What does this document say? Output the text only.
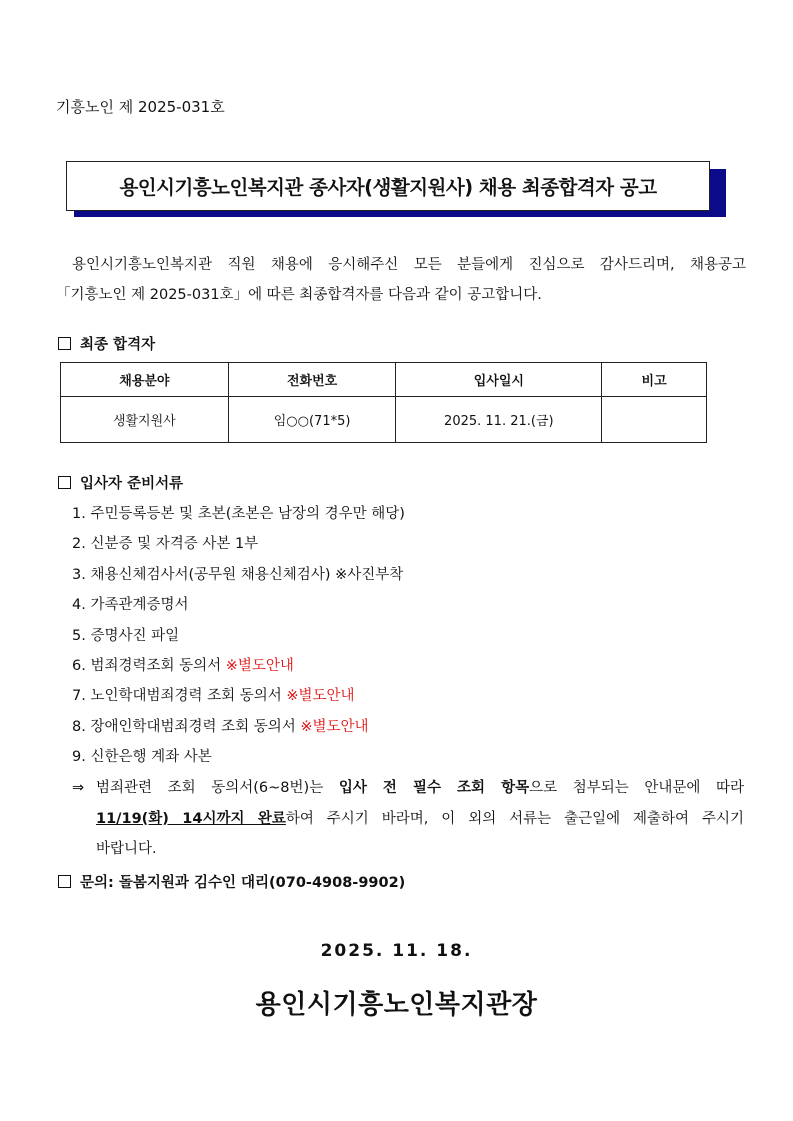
기흥노인 제 2025-031호
용인시기흥노인복지관 종사자(생활지원사) 채용 최종합격자 공고
용인시기흥노인복지관 직원 채용에 응시해주신 모든 분들에게 진심으로 감사드리며, 채용공고
「기흥노인 제 2025-031호」에 따른 최종합격자를 다음과 같이 공고합니다.
최종 합격자
채용분야	전화번호	입사일시	비고
생활지원사	임○○(71*5)	2025. 11. 21.(금)	
입사자 준비서류
1. 주민등록등본 및 초본(초본은 남장의 경우만 해당)
2. 신분증 및 자격증 사본 1부
3. 채용신체검사서(공무원 채용신체검사) ※사진부착
4. 가족관계증명서
5. 증명사진 파일
6. 범죄경력조회 동의서 ※별도안내
7. 노인학대범죄경력 조회 동의서 ※별도안내
8. 장애인학대범죄경력 조회 동의서 ※별도안내
9. 신한은행 계좌 사본
⇒ 범죄관련 조회 동의서(6~8번)는 입사 전 필수 조회 항목으로 첨부되는 안내문에 따라
11/19(화) 14시까지 완료하여 주시기 바라며, 이 외의 서류는 출근일에 제출하여 주시기
바랍니다.
문의: 돌봄지원과 김수인 대리(070-4908-9902)
2025. 11. 18.
용인시기흥노인복지관장
